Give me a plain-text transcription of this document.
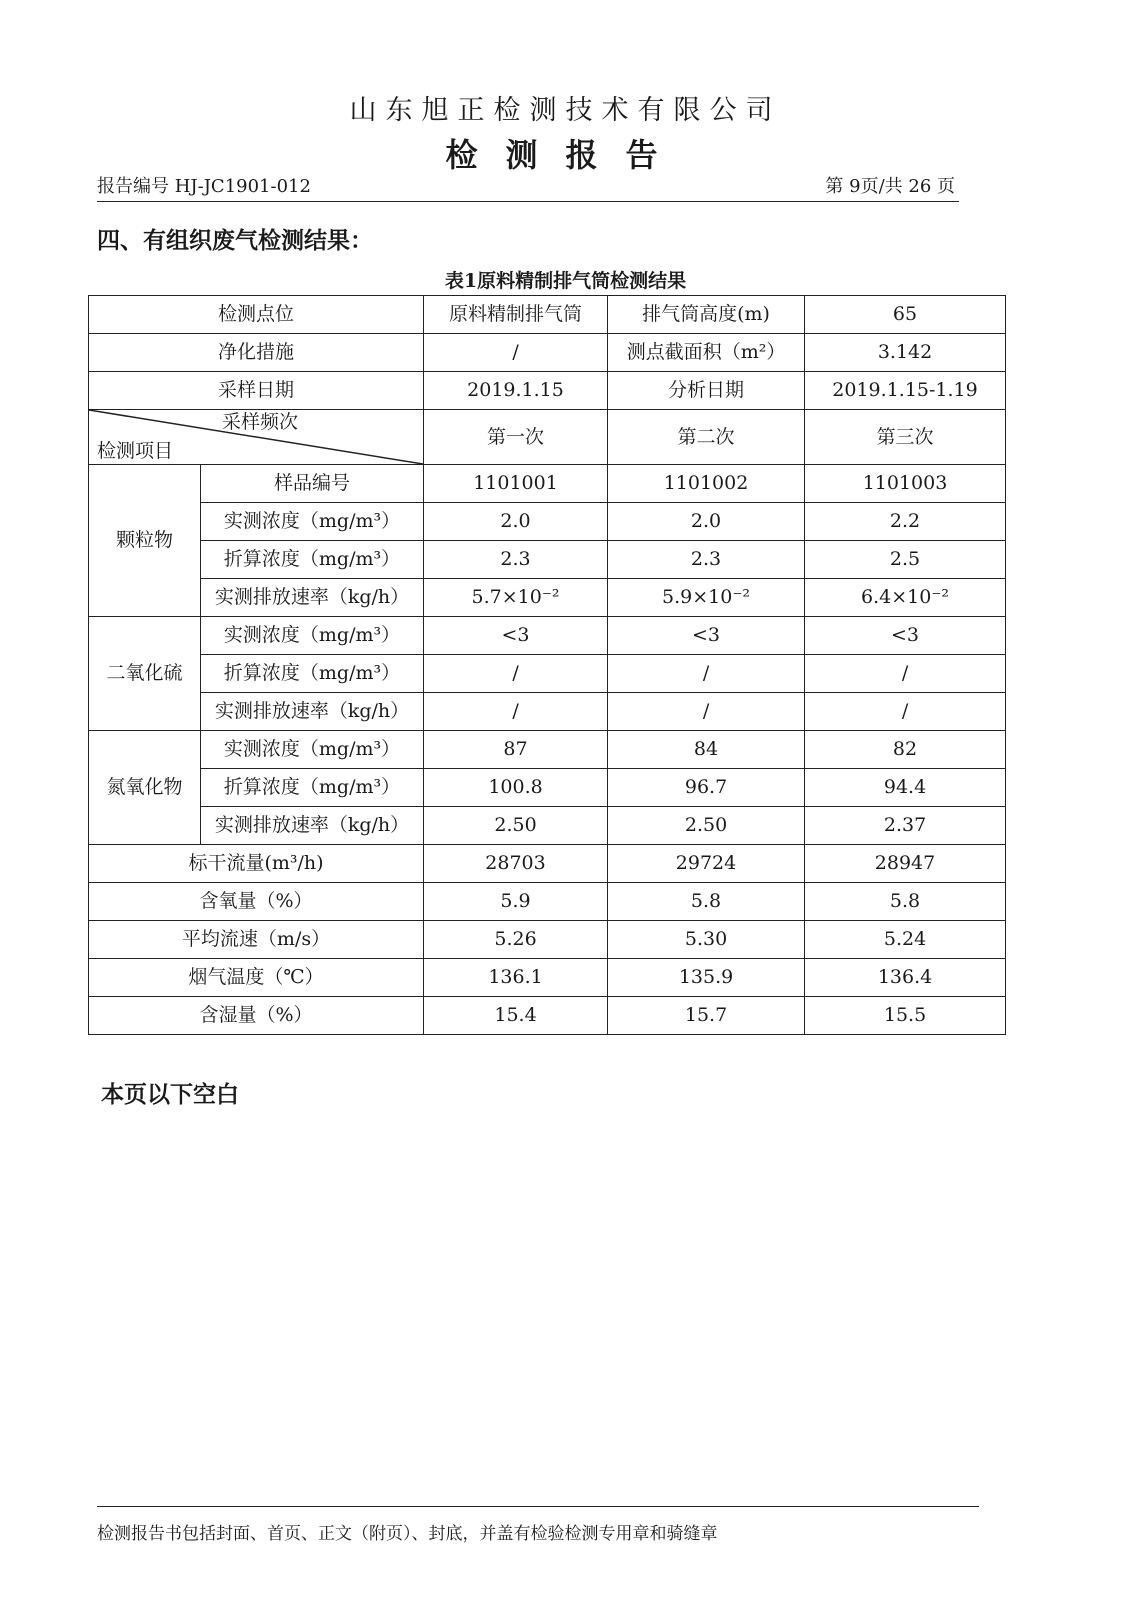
山东旭正检测技术有限公司
检测报告
报告编号 HJ-JC1901-012	第 9页/共 26 页
四、有组织废气检测结果：
表1原料精制排气筒检测结果
检测点位		原料精制排气筒	排气筒高度(m)	65
净化措施		/	测点截面积（m²）	3.142
采样日期		2019.1.15	分析日期	2019.1.15-1.19

采样频次
检测项目		第一次	第二次	第三次
颗粒物	样品编号	1101001	1101002	1101003
	实测浓度（mg/m³）	2.0	2.0	2.2
	折算浓度（mg/m³）	2.3	2.3	2.5
	实测排放速率（kg/h）	5.7×10⁻²	5.9×10⁻²	6.4×10⁻²
二氧化硫	实测浓度（mg/m³）	<3	<3	<3
	折算浓度（mg/m³）	/	/	/
	实测排放速率（kg/h）	/	/	/
氮氧化物	实测浓度（mg/m³）	87	84	82
	折算浓度（mg/m³）	100.8	96.7	94.4
	实测排放速率（kg/h）	2.50	2.50	2.37
标干流量(m³/h)		28703	29724	28947
含氧量（%）		5.9	5.8	5.8
平均流速（m/s）		5.26	5.30	5.24
烟气温度（℃）		136.1	135.9	136.4
含湿量（%）		15.4	15.7	15.5
本页以下空白
检测报告书包括封面、首页、正文（附页）、封底，并盖有检验检测专用章和骑缝章
